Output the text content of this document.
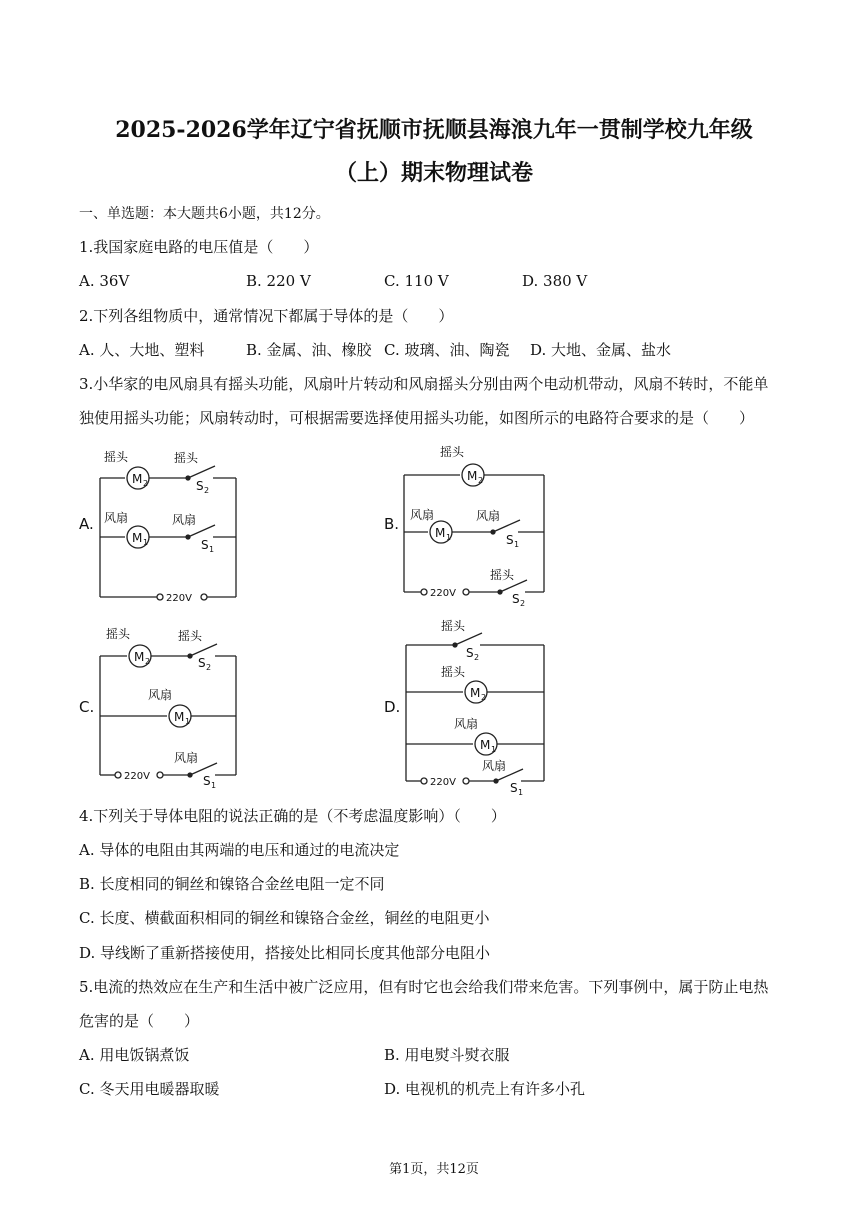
2025-2026学年辽宁省抚顺市抚顺县海浪九年一贯制学校九年级
（上）期末物理试卷
一、单选题：本大题共6小题，共12分。
1.我国家庭电路的电压值是（　　）
A. 36V	B. 220 V	C. 110 V	D. 380 V
2.下列各组物质中，通常情况下都属于导体的是（　　）
A. 人、大地、塑料	B. 金属、油、橡胶 C. 玻璃、油、陶瓷 D. 大地、金属、盐水
3.小华家的电风扇具有摇头功能，风扇叶片转动和风扇摇头分别由两个电动机带动，风扇不转时，不能单
独使用摇头功能；风扇转动时，可根据需要选择使用摇头功能，如图所示的电路符合要求的是（　　）
A.	B.
C.	D.
摇头	摇头
M 2	S 2
风扇	风扇
M 1	S 1
220V
摇头
M 2
风扇	风扇
M 1	S 1
220V
摇头
S 2
摇头	摇头
M 2	S 2
风扇
M 1
风扇
220V	S 1
摇头
S 2
摇头
M 2
风扇
M 1
风扇
220V	S 1
4.下列关于导体电阻的说法正确的是（不考虑温度影响）（　　）
A. 导体的电阻由其两端的电压和通过的电流决定
B. 长度相同的铜丝和镍铬合金丝电阻一定不同
C. 长度、横截面积相同的铜丝和镍铬合金丝，铜丝的电阻更小
D. 导线断了重新搭接使用，搭接处比相同长度其他部分电阻小
5.电流的热效应在生产和生活中被广泛应用，但有时它也会给我们带来危害。下列事例中，属于防止电热
危害的是（　　）
A. 用电饭锅煮饭	B. 用电熨斗熨衣服
C. 冬天用电暖器取暖	D. 电视机的机壳上有许多小孔
第1页，共12页
